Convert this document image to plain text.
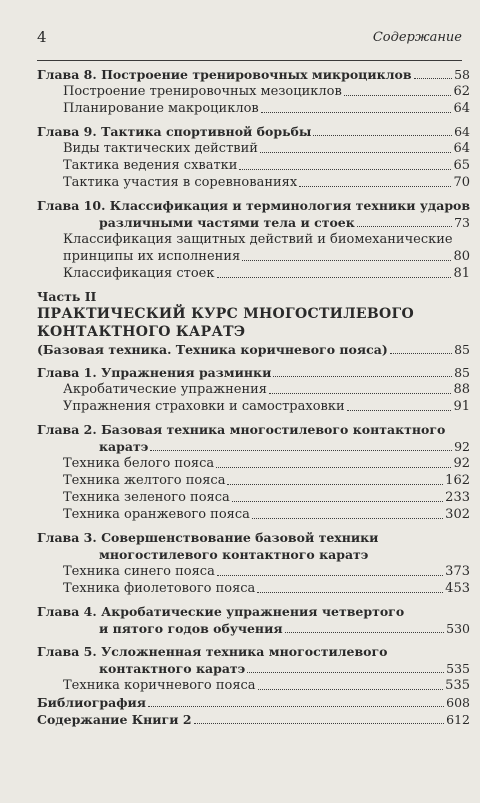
4	Содержание
Глава 8. Построение тренировочных микроциклов	58
Построение тренировочных мезоциклов	62
Планирование макроциклов	64
Глава 9. Тактика спортивной борьбы	64
Виды тактических действий	64
Тактика ведения схватки	65
Тактика участия в соревнованиях	70
Глава 10. Классификация и терминология техники ударов
различными частями тела и стоек	73
Классификация защитных действий и биомеханические
принципы их исполнения	80
Классификация стоек	81
Часть II
ПРАКТИЧЕСКИЙ КУРС МНОГОСТИЛЕВОГО
КОНТАКТНОГО КАРАТЭ
(Базовая техника. Техника коричневого пояса)	85
Глава 1. Упражнения разминки	85
Акробатические упражнения	88
Упражнения страховки и самостраховки	91
Глава 2. Базовая техника многостилевого контактного
каратэ	92
Техника белого пояса	92
Техника желтого пояса	162
Техника зеленого пояса	233
Техника оранжевого пояса	302
Глава 3. Совершенствование базовой техники
многостилевого контактного каратэ
Техника синего пояса	373
Техника фиолетового пояса	453
Глава 4. Акробатические упражнения четвертого
и пятого годов обучения	530
Глава 5. Усложненная техника многостилевого
контактного каратэ	535
Техника коричневого пояса	535
Библиография	608
Содержание Книги 2	612
